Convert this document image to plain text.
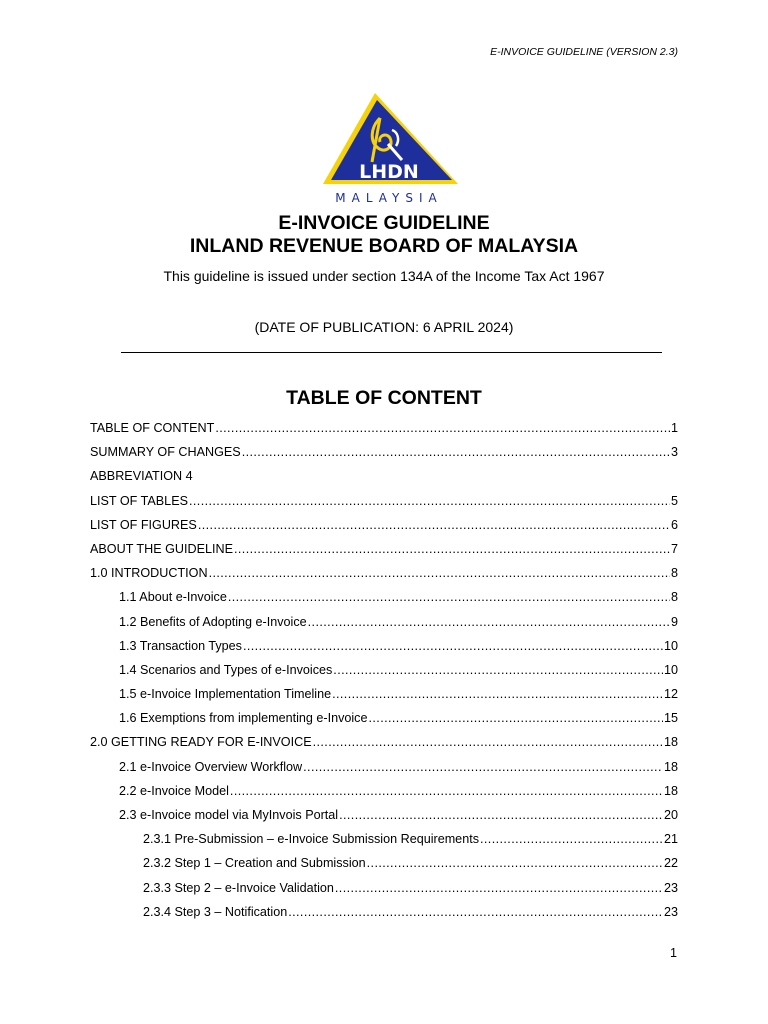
E-INVOICE GUIDELINE (VERSION 2.3)
LHDN
MALAYSIA
E-INVOICE GUIDELINE
INLAND REVENUE BOARD OF MALAYSIA
This guideline is issued under section 134A of the Income Tax Act 1967
(DATE OF PUBLICATION: 6 APRIL 2024)
TABLE OF CONTENT
TABLE OF CONTENT .....	1
SUMMARY OF CHANGES .....	3
ABBREVIATION 4
LIST OF TABLES .....	5
LIST OF FIGURES .....	6
ABOUT THE GUIDELINE .....	7
1.0 INTRODUCTION .....	8
1.1 About e-Invoice .....	8
1.2 Benefits of Adopting e-Invoice .....	9
1.3 Transaction Types .....	10
1.4 Scenarios and Types of e-Invoices .....	10
1.5 e-Invoice Implementation Timeline .....	12
1.6 Exemptions from implementing e-Invoice .....	15
2.0 GETTING READY FOR E-INVOICE .....	18
2.1 e-Invoice Overview Workflow .....	18
2.2 e-Invoice Model .....	18
2.3 e-Invoice model via MyInvois Portal .....	20
2.3.1 Pre-Submission – e-Invoice Submission Requirements .....	21
2.3.2 Step 1 – Creation and Submission .....	22
2.3.3 Step 2 – e-Invoice Validation .....	23
2.3.4 Step 3 – Notification .....	23
1
